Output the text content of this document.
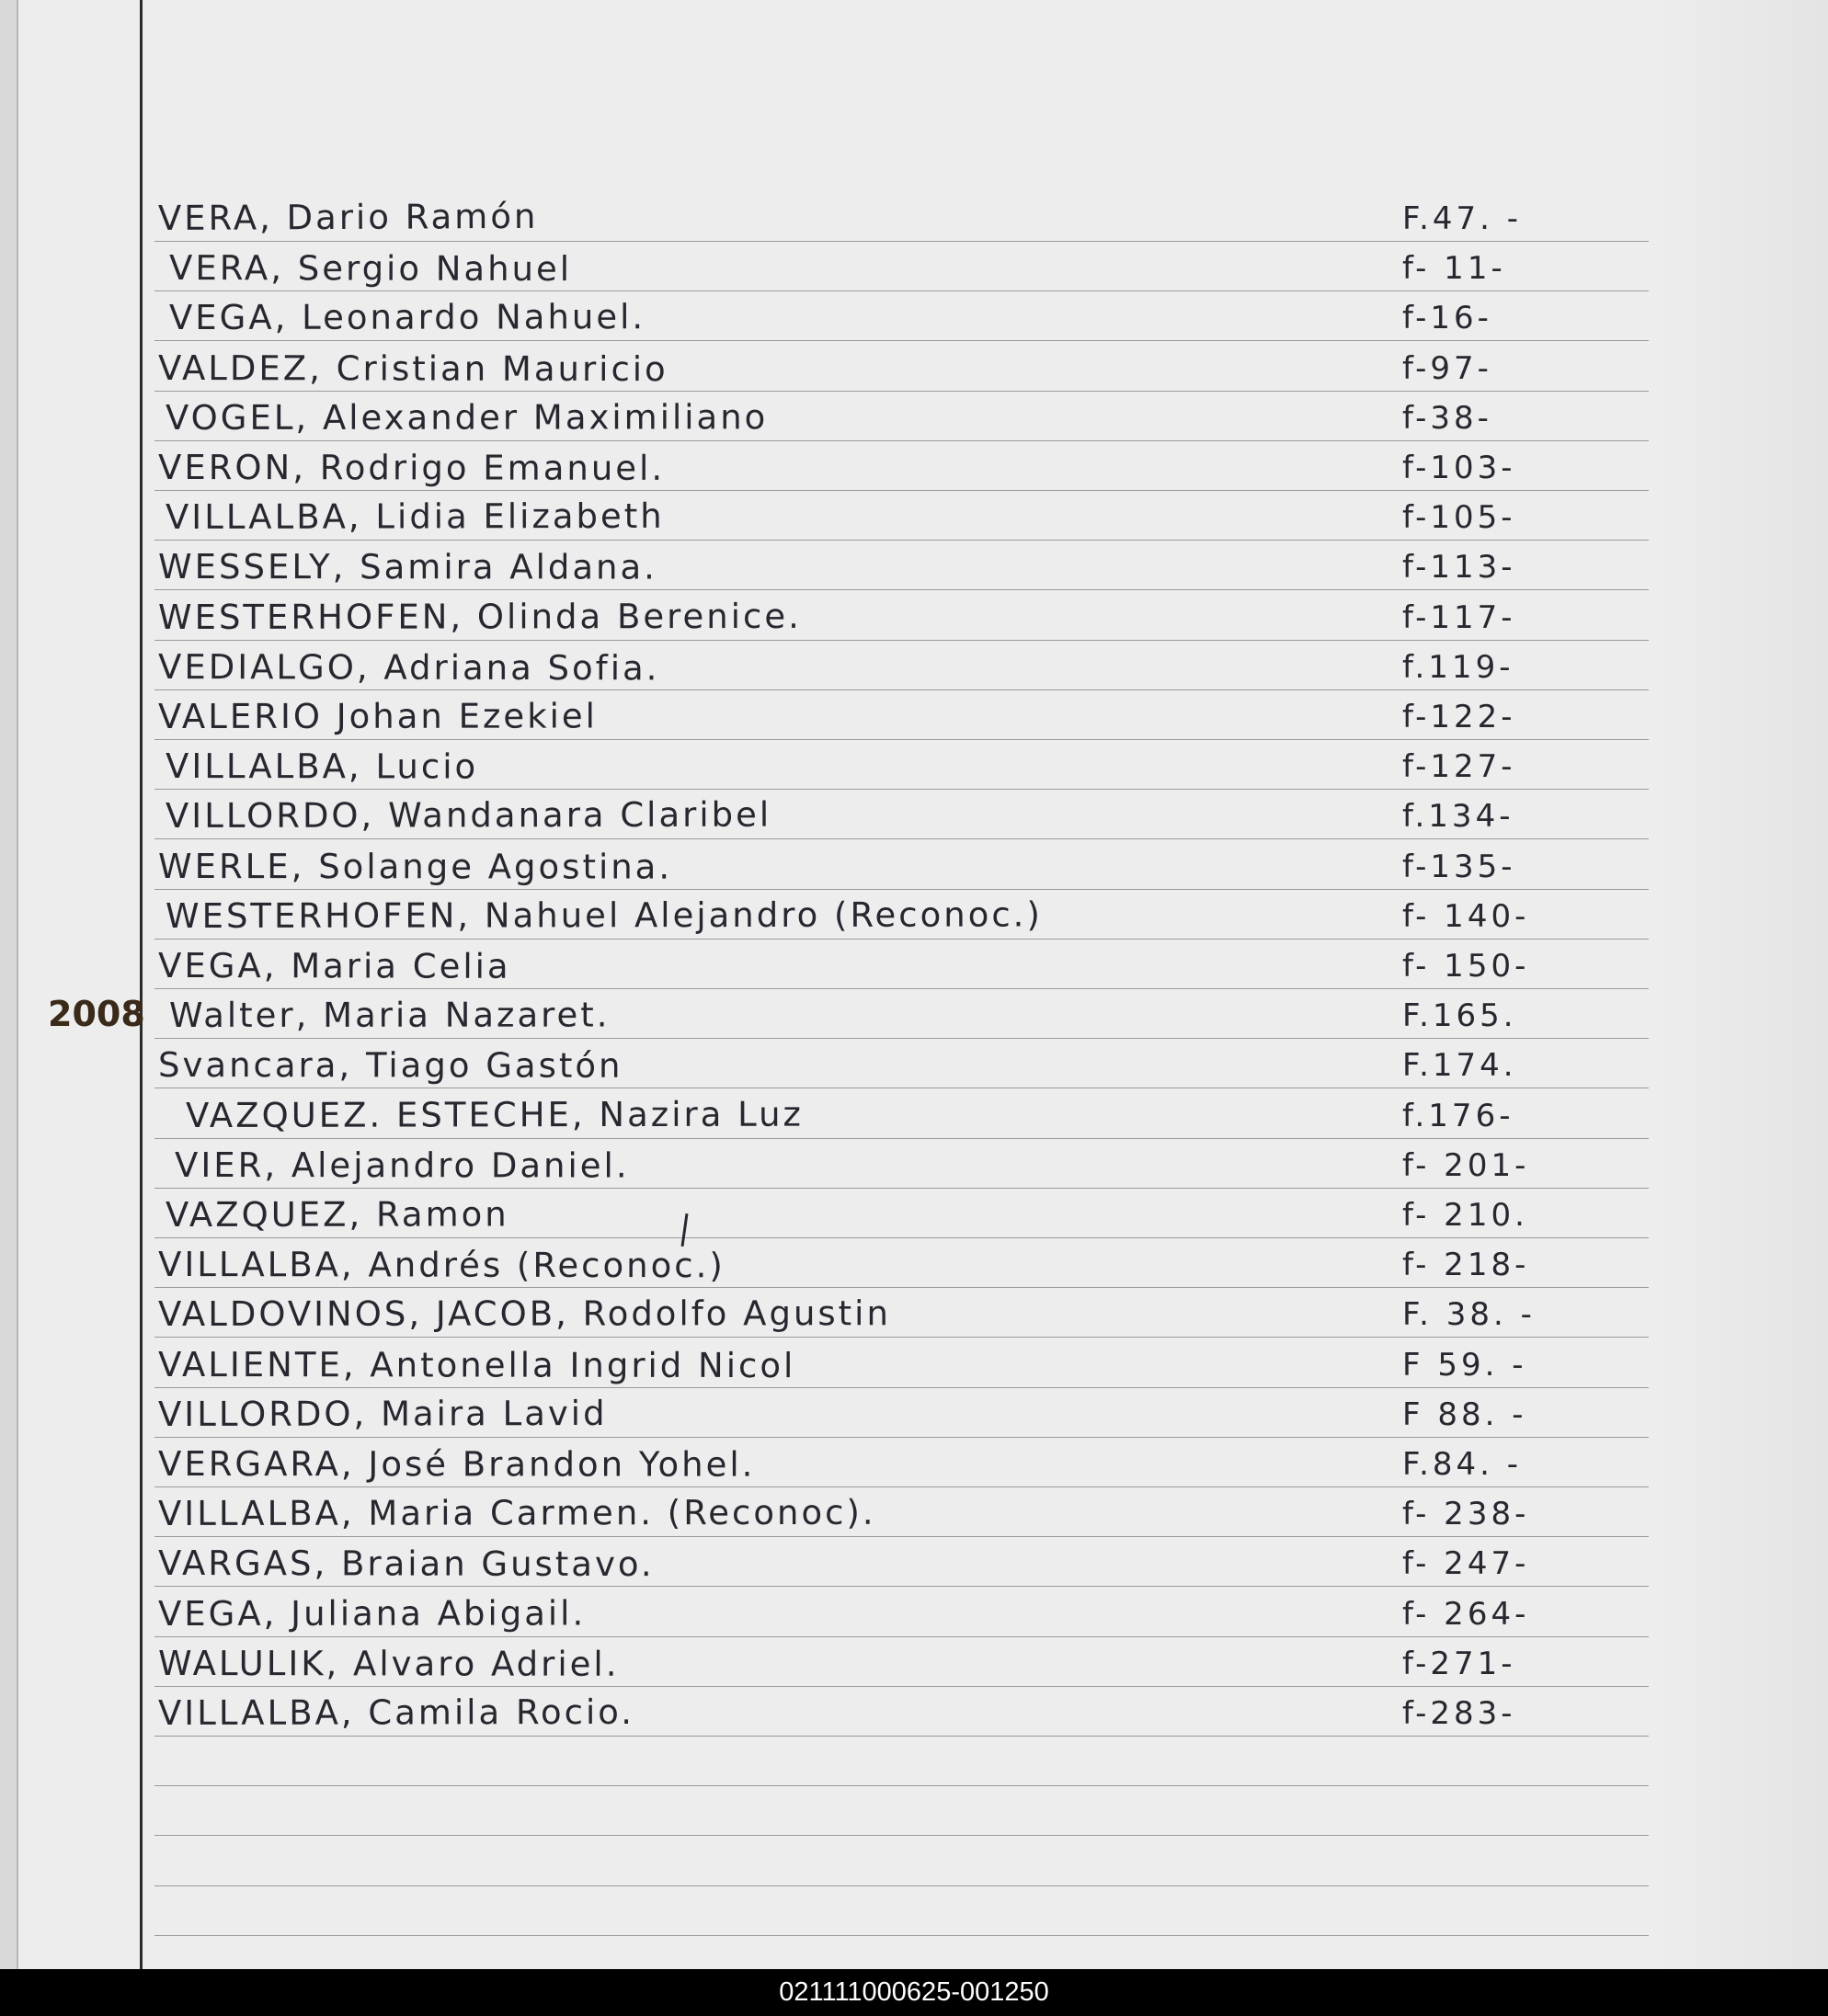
VERA, Dario Ramón	F.47. -
VERA, Sergio Nahuel	f- 11-
VEGA, Leonardo Nahuel.	f-16-
VALDEZ, Cristian Mauricio	f-97-
VOGEL, Alexander Maximiliano	f-38-
VERON, Rodrigo Emanuel.	f-103-
VILLALBA, Lidia Elizabeth	f-105-
WESSELY, Samira Aldana.	f-113-
WESTERHOFEN, Olinda Berenice.	f-117-
VEDIALGO, Adriana Sofia.	f.119-
VALERIO Johan Ezekiel	f-122-
VILLALBA, Lucio	f-127-
VILLORDO, Wandanara Claribel	f.134-
WERLE, Solange Agostina.	f-135-
WESTERHOFEN, Nahuel Alejandro (Reconoc.)	f- 140-
VEGA, Maria Celia	f- 150-
Walter, Maria Nazaret.	F.165.
Svancara, Tiago Gastón	F.174.
VAZQUEZ. ESTECHE, Nazira Luz	f.176-
VIER, Alejandro Daniel.	f- 201-
VAZQUEZ, Ramon	f- 210.
VILLALBA, Andrés (Reconoc.)	f- 218-
VALDOVINOS, JACOB, Rodolfo Agustin	F. 38. -
VALIENTE, Antonella Ingrid Nicol	F 59. -
VILLORDO, Maira Lavid	F 88. -
VERGARA, José Brandon Yohel.	F.84. -
VILLALBA, Maria Carmen. (Reconoc).	f- 238-
VARGAS, Braian Gustavo.	f- 247-
VEGA, Juliana Abigail.	f- 264-
WALULIK, Alvaro Adriel.	f-271-
VILLALBA, Camila Rocio.	f-283-
2008
021111000625-001250
